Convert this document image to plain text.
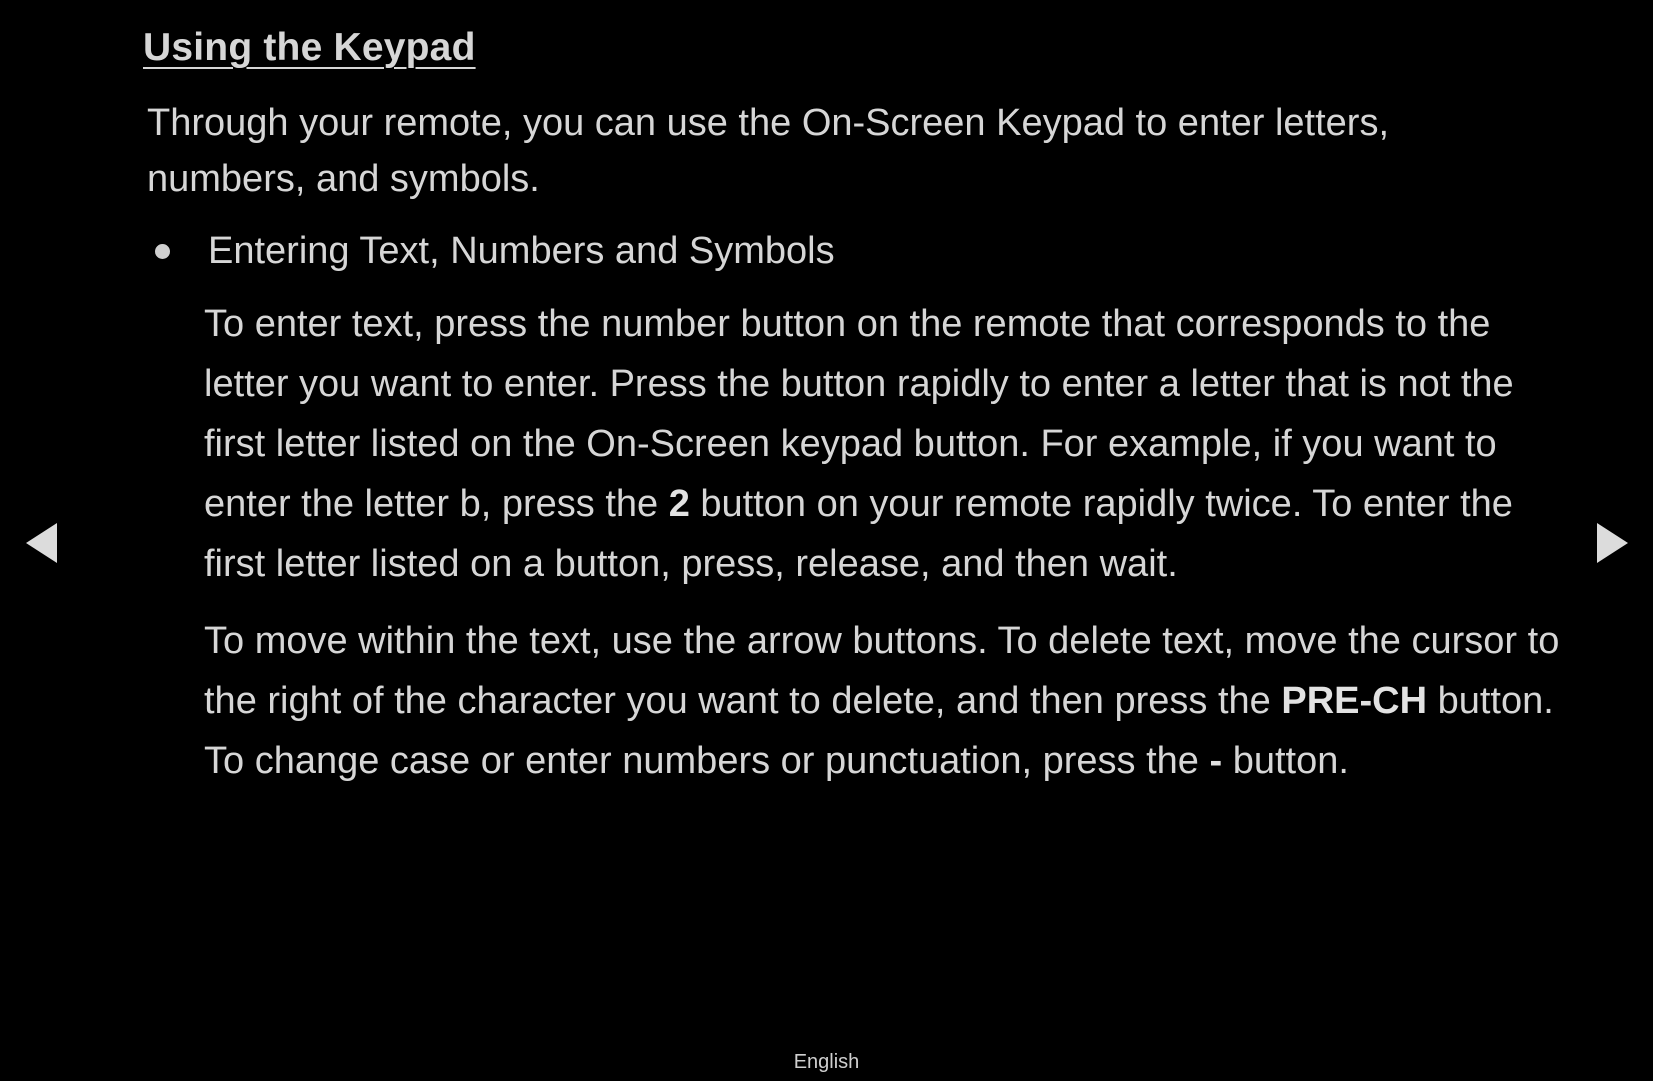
Using the Keypad
Through your remote, you can use the On-Screen Keypad to enter letters,
numbers, and symbols.
Entering Text, Numbers and Symbols
To enter text, press the number button on the remote that corresponds to the letter you want to enter. Press the button rapidly to enter a letter that is not the first letter listed on the On-Screen keypad button. For example, if you want to enter the letter b, press the 2 button on your remote rapidly twice. To enter the first letter listed on a button, press, release, and then wait.
To move within the text, use the arrow buttons. To delete text, move the cursor to the right of the character you want to delete, and then press the PRE-CH button. To change case or enter numbers or punctuation, press the - button.
English
